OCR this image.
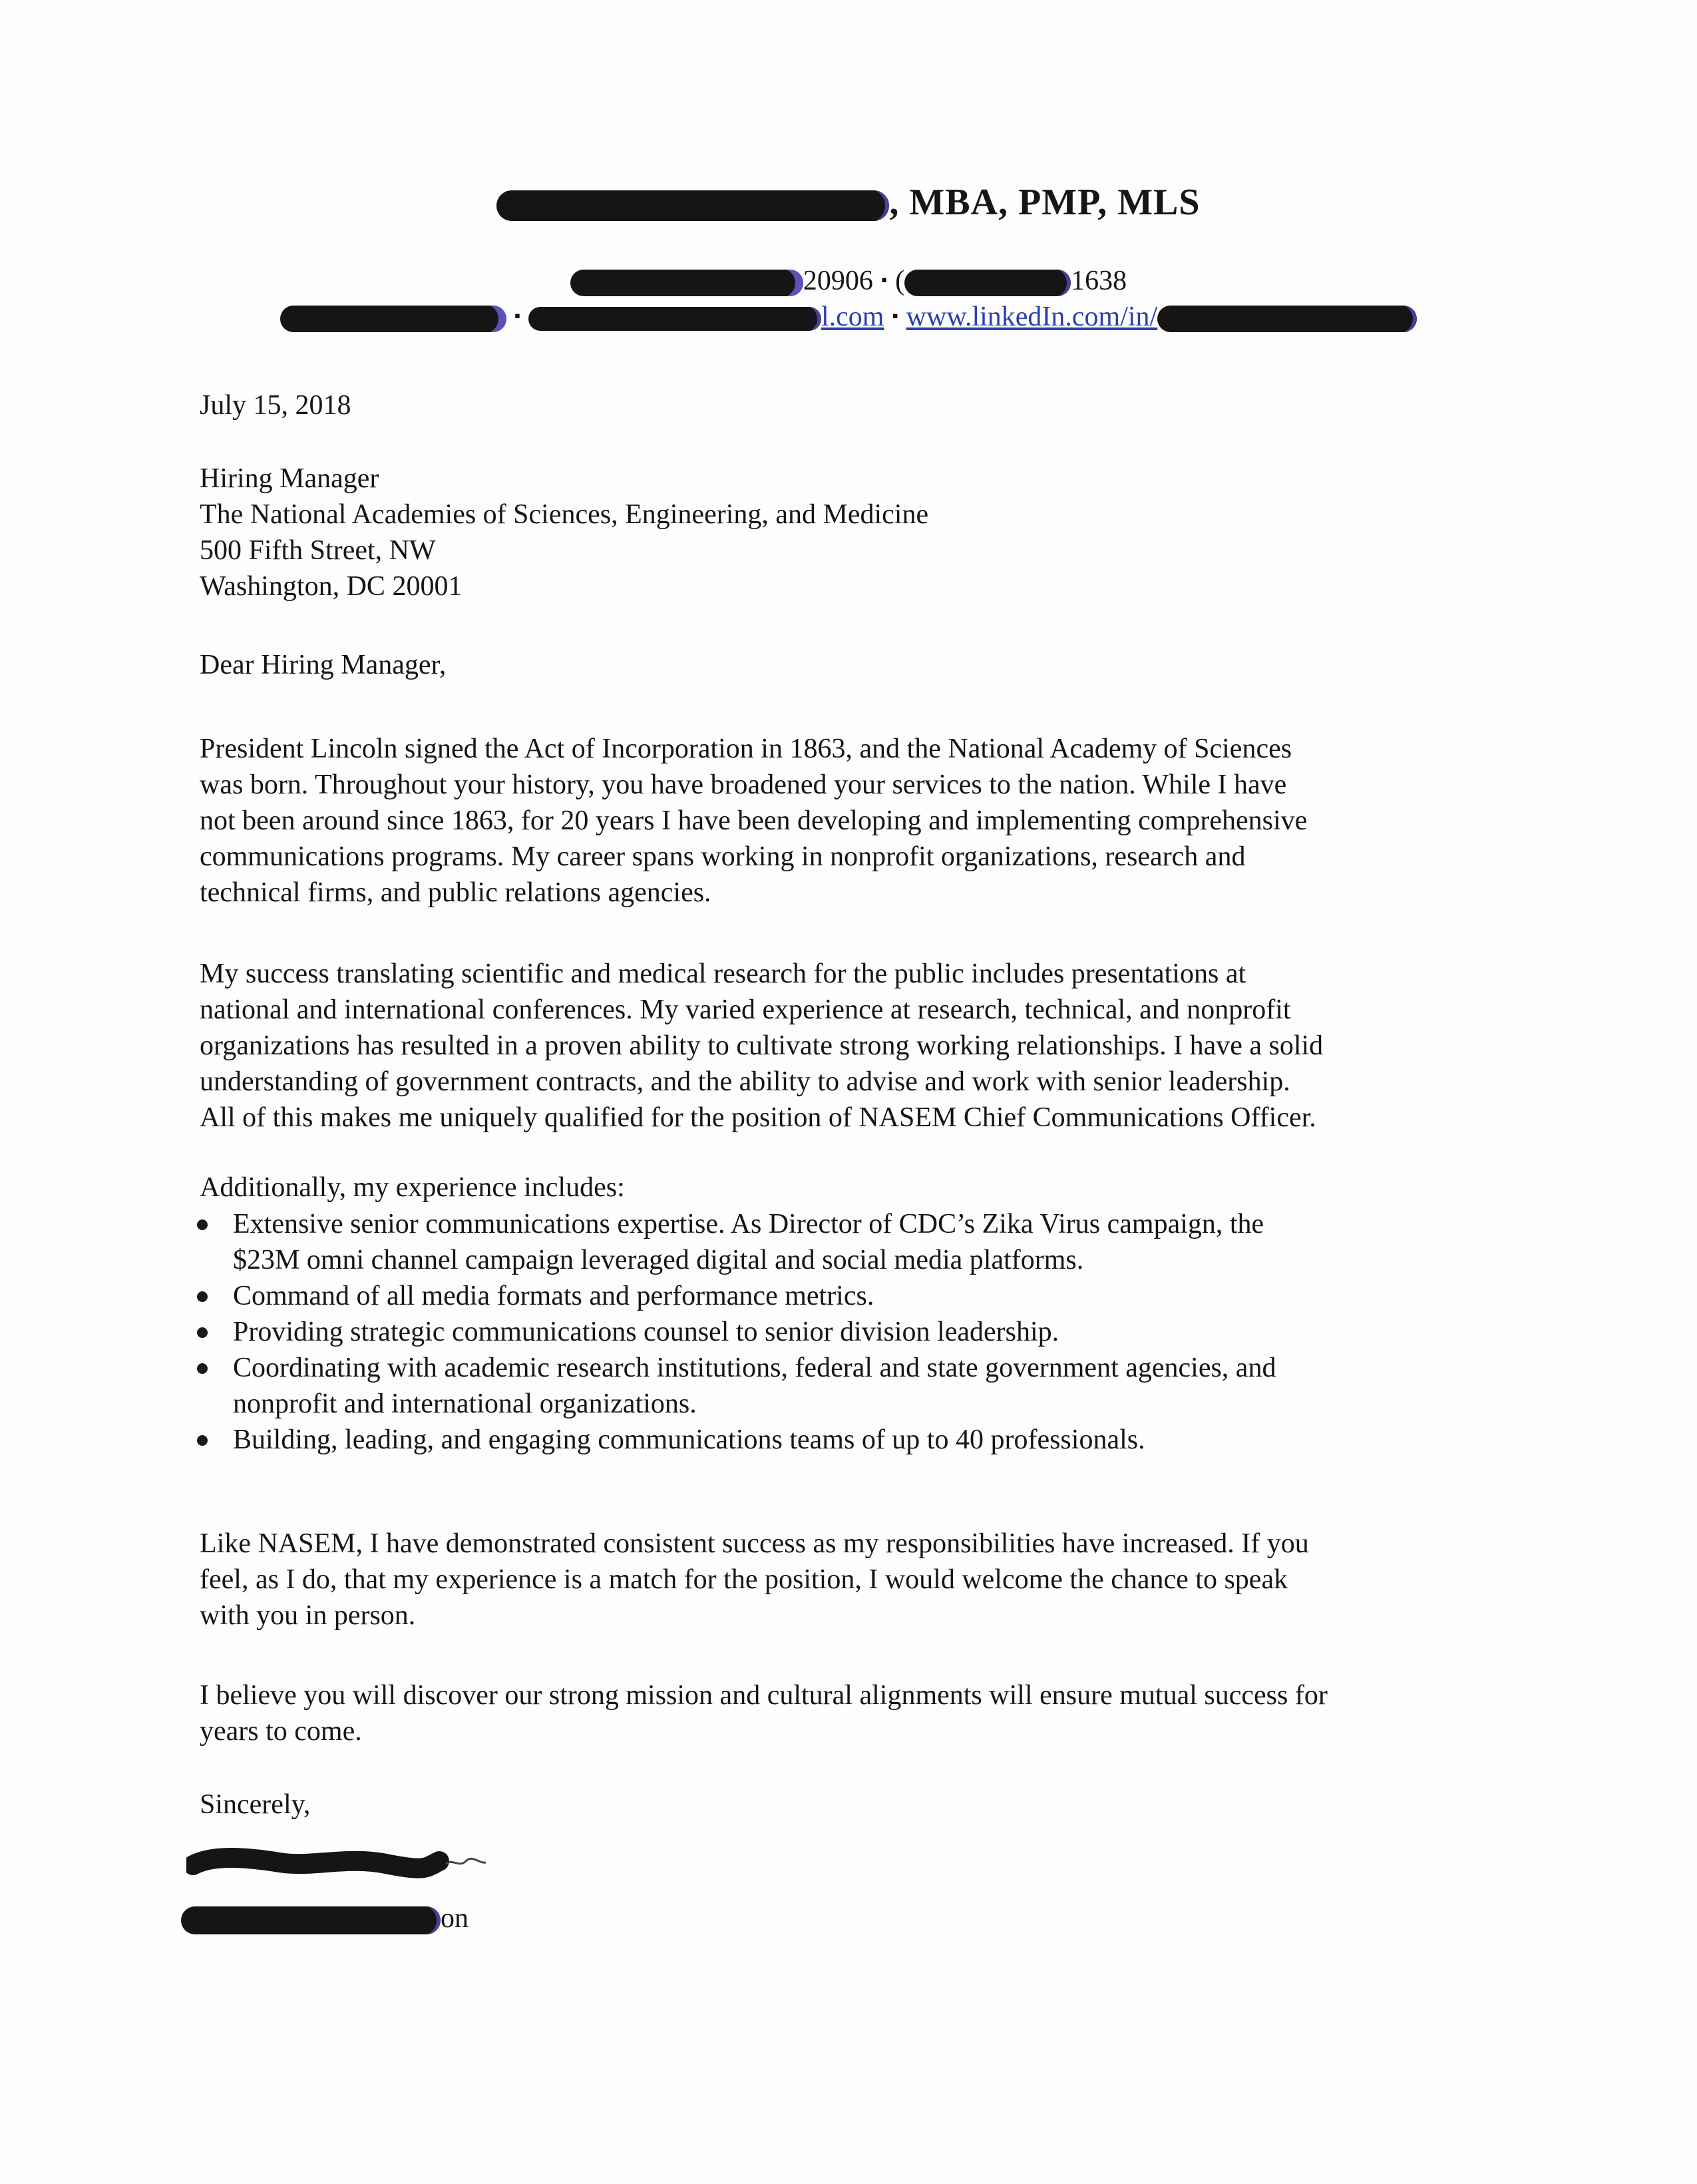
, MBA, PMP, MLS
20906 ▪ (	1638
▪	l.com ▪ www.linkedIn.com/in/
July 15, 2018
Hiring Manager
The National Academies of Sciences, Engineering, and Medicine
500 Fifth Street, NW
Washington, DC 20001
Dear Hiring Manager,
President Lincoln signed the Act of Incorporation in 1863, and the National Academy of Sciences
was born. Throughout your history, you have broadened your services to the nation. While I have
not been around since 1863, for 20 years I have been developing and implementing comprehensive
communications programs. My career spans working in nonprofit organizations, research and
technical firms, and public relations agencies.
My success translating scientific and medical research for the public includes presentations at
national and international conferences. My varied experience at research, technical, and nonprofit
organizations has resulted in a proven ability to cultivate strong working relationships. I have a solid
understanding of government contracts, and the ability to advise and work with senior leadership.
All of this makes me uniquely qualified for the position of NASEM Chief Communications Officer.
Additionally, my experience includes:
Extensive senior communications expertise. As Director of CDC’s Zika Virus campaign, the
$23M omni channel campaign leveraged digital and social media platforms.
Command of all media formats and performance metrics.
Providing strategic communications counsel to senior division leadership.
Coordinating with academic research institutions, federal and state government agencies, and
nonprofit and international organizations.
Building, leading, and engaging communications teams of up to 40 professionals.
Like NASEM, I have demonstrated consistent success as my responsibilities have increased. If you
feel, as I do, that my experience is a match for the position, I would welcome the chance to speak
with you in person.
I believe you will discover our strong mission and cultural alignments will ensure mutual success for
years to come.
Sincerely,
on
